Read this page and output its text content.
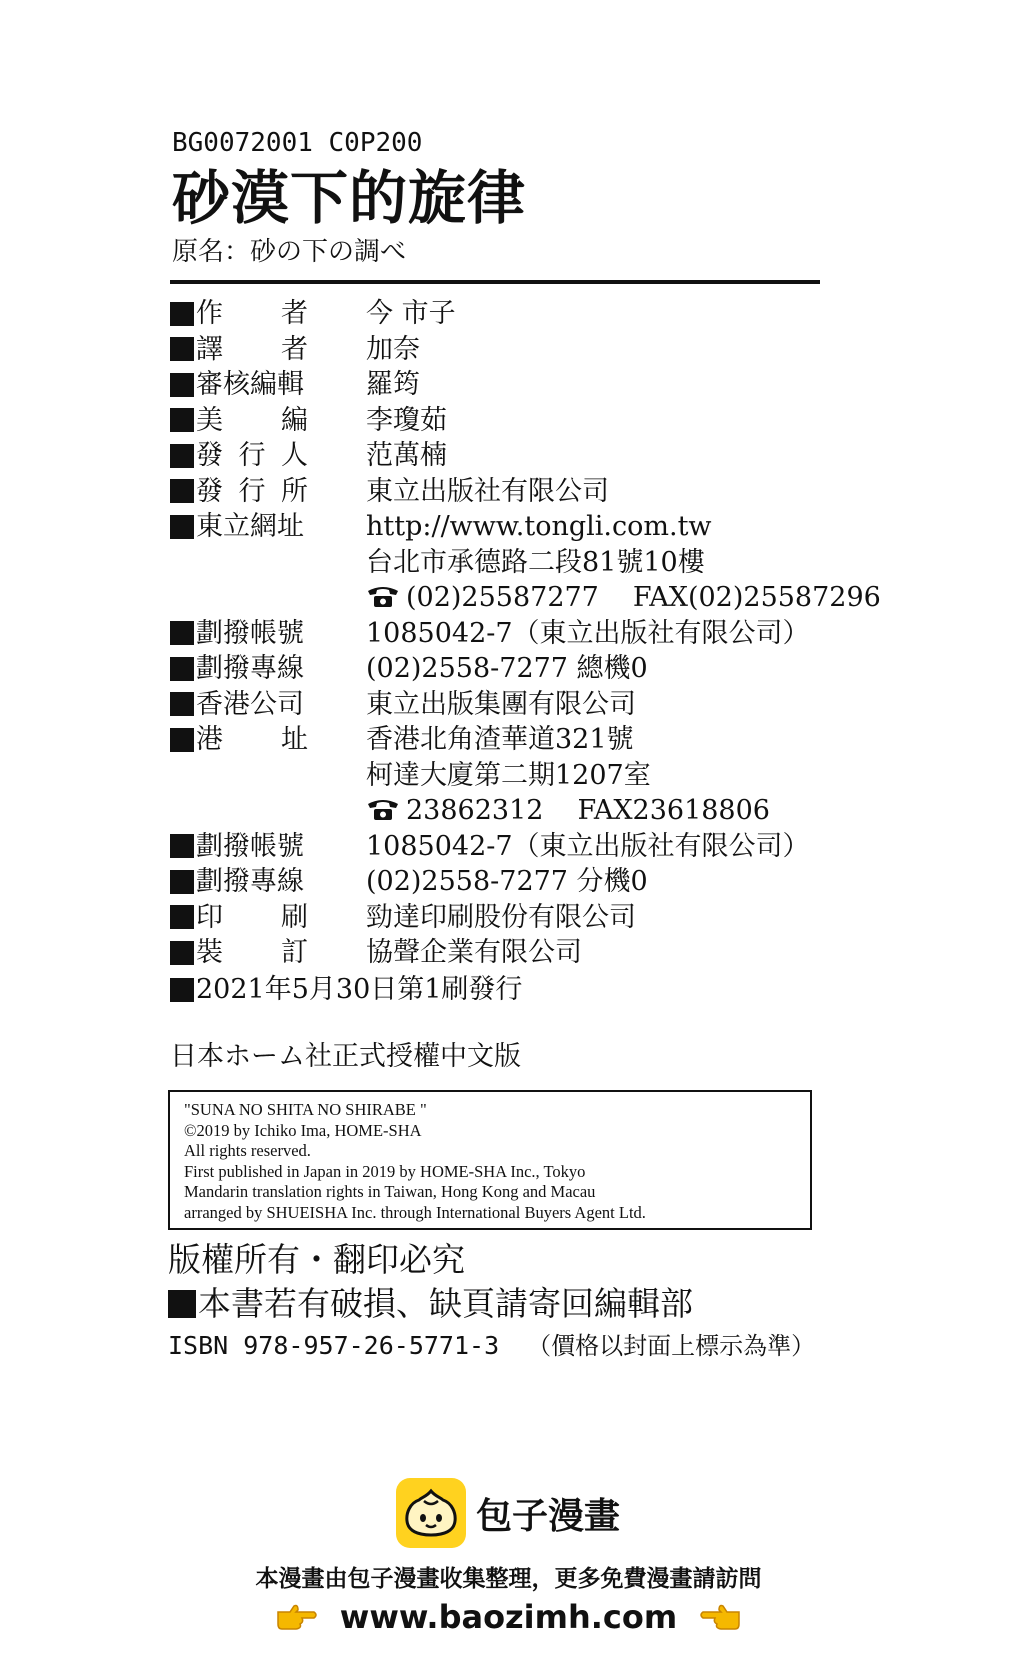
BG0072001 C0P200
砂漠下的旋律
原名：砂の下の調べ
作 者 今 市子
譯 者 加奈
審核編輯 羅筠
美 編 李瓊茹
發 行 人 范萬楠
發 行 所 東立出版社有限公司
東立網址 http://www.tongli.com.tw
台北市承德路二段81號10樓
(02)25587277 FAX(02)25587296
劃撥帳號 1085042-7（東立出版社有限公司）
劃撥專線 (02)2558-7277 總機0
香港公司 東立出版集團有限公司
港 址 香港北角渣華道321號
柯達大廈第二期1207室
23862312 FAX23618806
劃撥帳號 1085042-7（東立出版社有限公司）
劃撥專線 (02)2558-7277 分機0
印 刷 勁達印刷股份有限公司
裝 訂 協聲企業有限公司
2021年5月30日第1刷發行
日本ホーム社正式授權中文版
"SUNA NO SHITA NO SHIRABE "
©2019 by Ichiko Ima, HOME-SHA
All rights reserved.
First published in Japan in 2019 by HOME-SHA Inc., Tokyo
Mandarin translation rights in Taiwan, Hong Kong and Macau
arranged by SHUEISHA Inc. through International Buyers Agent Ltd.
版權所有・翻印必究
本書若有破損、缺頁請寄回編輯部
ISBN 978-957-26-5771-3 （價格以封面上標示為準）
包子漫畫
本漫畫由包子漫畫收集整理，更多免費漫畫請訪問
www.baozimh.com
